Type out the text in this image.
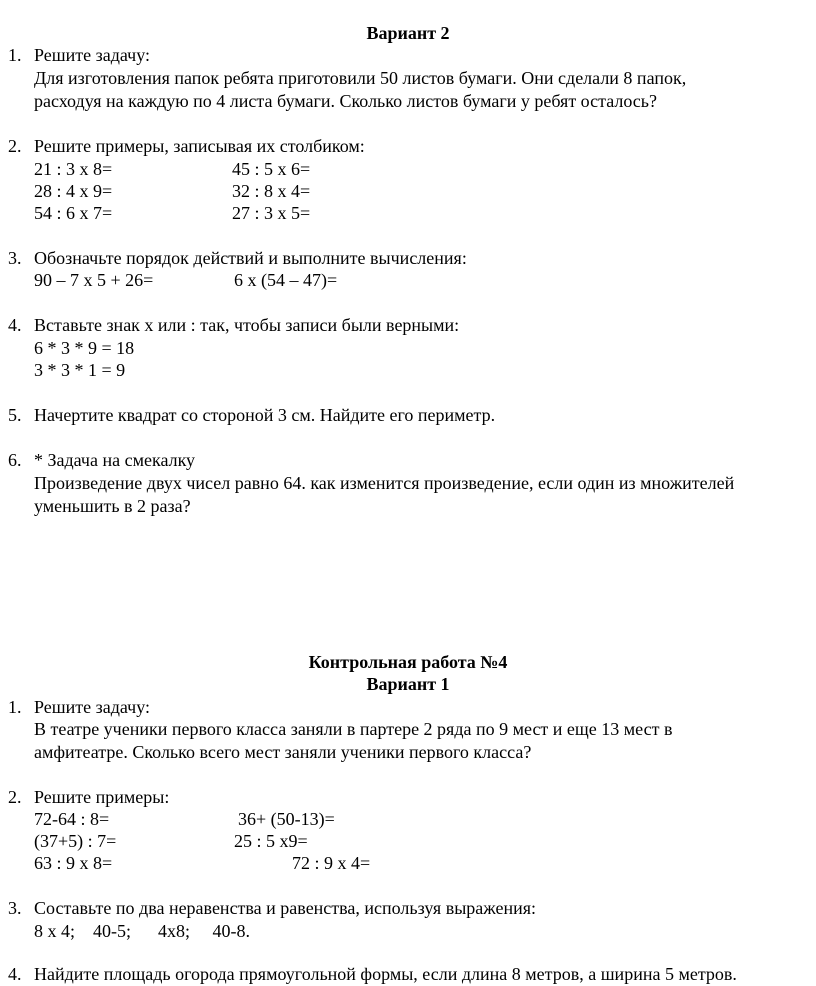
Вариант 2
1. Решите задачу:
Для изготовления папок ребята приготовили 50 листов бумаги. Они сделали 8 папок,
расходуя на каждую по 4 листа бумаги. Сколько листов бумаги у ребят осталось?
2. Решите примеры, записывая их столбиком:
21 : 3 х 8=	45 : 5 х 6=
28 : 4 х 9=	32 : 8 х 4=
54 : 6 х 7=	27 : 3 х 5=
3. Обозначьте порядок действий и выполните вычисления:
90 – 7 х 5 + 26=	6 х (54 – 47)=
4. Вставьте знак х или : так, чтобы записи были верными:
6 * 3 * 9 = 18
3 * 3 * 1 = 9
5. Начертите квадрат со стороной 3 см. Найдите его периметр.
6. * Задача на смекалку
Произведение двух чисел равно 64. как изменится произведение, если один из множителей
уменьшить в 2 раза?
Контрольная работа №4
Вариант 1
1. Решите задачу:
В театре ученики первого класса заняли в партере 2 ряда по 9 мест и еще 13 мест в
амфитеатре. Сколько всего мест заняли ученики первого класса?
2. Решите примеры:
72-64 : 8=	36+ (50-13)=
(37+5) : 7=	25 : 5 х9=
63 : 9 х 8=	72 : 9 х 4=
3. Составьте по два неравенства и равенства, используя выражения:
8 х 4;    40-5;      4х8;     40-8.
4. Найдите площадь огорода прямоугольной формы, если длина 8 метров, а ширина 5 метров.
